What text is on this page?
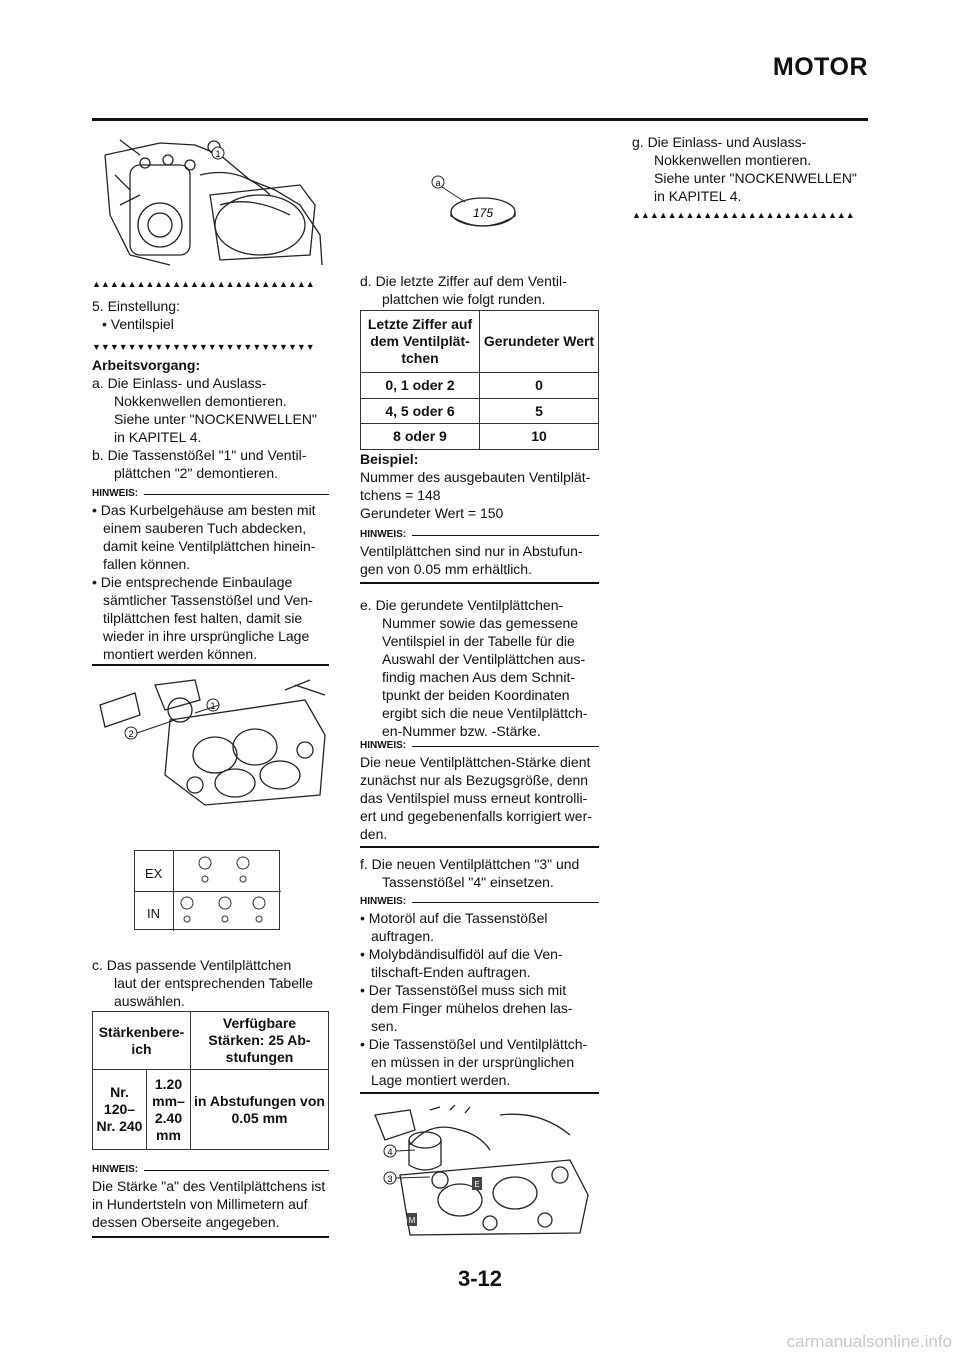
MOTOR
1
▲▲▲▲▲▲▲▲▲▲▲▲▲▲▲▲▲▲▲▲▲▲▲▲▲
5. Einstellung:
• Ventilspiel
▼▼▼▼▼▼▼▼▼▼▼▼▼▼▼▼▼▼▼▼▼▼▼▼▼
Arbeitsvorgang:
a. Die Einlass- und Auslass-
Nokkenwellen demontieren.
Siehe unter "NOCKENWELLEN"
in KAPITEL 4.
b. Die Tassenstößel "1" und Ventil-
plättchen "2" demontieren.
HINWEIS:
• Das Kurbelgehäuse am besten mit
einem sauberen Tuch abdecken,
damit keine Ventilplättchen hinein-
fallen können.
• Die entsprechende Einbaulage
sämtlicher Tassenstößel und Ven-
tilplättchen fest halten, damit sie
wieder in ihre ursprüngliche Lage
montiert werden können.
1
2
EX
IN
c. Das passende Ventilplättchen
laut der entsprechenden Tabelle
auswählen.
Stärkenbere-ich		Verfügbare Stärken: 25 Ab-stufungen
Nr. 120– Nr. 240	1.20 mm– 2.40 mm	in Abstufungen von 0.05 mm
HINWEIS:
Die Stärke "a" des Ventilplättchens ist
in Hundertsteln von Millimetern auf
dessen Oberseite angegeben.
a
175
d. Die letzte Ziffer auf dem Ventil-
plattchen wie folgt runden.
Letzte Ziffer auf dem Ventilplät-tchen	Gerundeter Wert
0, 1 oder 2	0
4, 5 oder 6	5
8 oder 9	10
Beispiel:
Nummer des ausgebauten Ventilplät-
tchens = 148
Gerundeter Wert = 150
HINWEIS:
Ventilplättchen sind nur in Abstufun-
gen von 0.05 mm erhältlich.
e. Die gerundete Ventilplättchen-
Nummer sowie das gemessene
Ventilspiel in der Tabelle für die
Auswahl der Ventilplättchen aus-
findig machen Aus dem Schnit-
tpunkt der beiden Koordinaten
ergibt sich die neue Ventilplättch-
en-Nummer bzw. -Stärke.
HINWEIS:
Die neue Ventilplättchen-Stärke dient
zunächst nur als Bezugsgröße, denn
das Ventilspiel muss erneut kontrolli-
ert und gegebenenfalls korrigiert wer-
den.
f. Die neuen Ventilplättchen "3" und
Tassenstößel "4" einsetzen.
HINWEIS:
• Motoröl auf die Tassenstößel
auftragen.
• Molybdändisulfidöl auf die Ven-
tilschaft-Enden auftragen.
• Der Tassenstößel muss sich mit
dem Finger mühelos drehen las-
sen.
• Die Tassenstößel und Ventilplättch-
en müssen in der ursprünglichen
Lage montiert werden.
4
3
E
M
g. Die Einlass- und Auslass-
Nokkenwellen montieren.
Siehe unter "NOCKENWELLEN"
in KAPITEL 4.
▲▲▲▲▲▲▲▲▲▲▲▲▲▲▲▲▲▲▲▲▲▲▲▲▲
3-12
carmanualsonline.info
